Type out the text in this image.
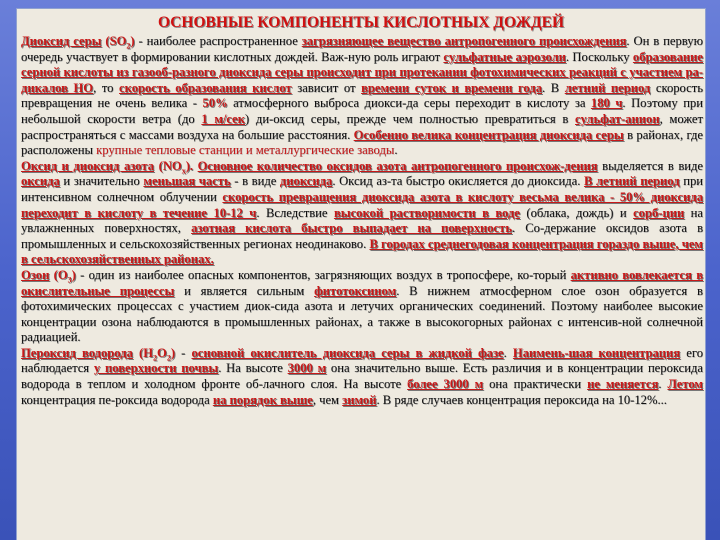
ОСНОВНЫЕ КОМПОНЕНТЫ КИСЛОТНЫХ ДОЖДЕЙ
Диоксид серы $(SO_2)$ - наиболее распространенное загрязняющее вещество антропогенного происхождения. Он в первую очередь участвует в формировании кислотных дождей. Важ-ную роль играют сульфатные аэрозоли. Поскольку образование серной кислоты из газооб-разного диоксида серы происходит при протекании фотохимических реакций с участием ра-дикалов НО, то скорость образования кислот зависит от времени суток и времени года. В летний период скорость превращения не очень велика - 50% атмосферного выброса диокси-да серы переходит в кислоту за 180 ч. Поэтому при небольшой скорости ветра (до 1 м/сек) ди-оксид серы, прежде чем полностью превратиться в сульфат-анион, может распространяться с массами воздуха на большие расстояния. Особенно велика концентрация диоксида серы в районах, где расположены крупные тепловые станции и металлургические заводы.
Оксид и диоксид азота $(NO_x)$. Основное количество оксидов азота антропогенного происхож-дения выделяется в виде оксида и значительно меньшая часть - в виде диоксида. Оксид аз-та быстро окисляется до диоксида. В летний период при интенсивном солнечном облучении скорость превращения диоксида азота в кислоту весьма велика - 50% диоксида переходит в кислоту в течение 10-12 ч. Вследствие высокой растворимости в воде (облака, дождь) и сорб-ции на увлажненных поверхностях, азотная кислота быстро выпадает на поверхность. Со-держание оксидов азота в промышленных и сельскохозяйственных регионах неодинаково. В городах среднегодовая концентрация гораздо выше, чем в сельскохозяйственных районах.
Озон $(O_3)$ - один из наиболее опасных компонентов, загрязняющих воздух в тропосфере, ко-торый активно вовлекается в окислительные процессы и является сильным фитотоксином. В нижнем атмосферном слое озон образуется в фотохимических процессах с участием диок-сида азота и летучих органических соединений. Поэтому наиболее высокие концентрации озона наблюдаются в промышленных районах, а также в высокогорных районах с интенсив-ной солнечной радиацией.
Пероксид водорода $(H_2O_2)$ - основной окислитель диоксида серы в жидкой фазе. Наимень-шая концентрация его наблюдается у поверхности почвы. На высоте 3000 м она значительно выше. Есть различия и в концентрации пероксида водорода в теплом и холодном фронте об-лачного слоя. На высоте более 3000 м она практически не меняется. Летом концентрация пе-роксида водорода на порядок выше, чем зимой. В ряде случаев концентрация пероксида на 10-12%...
